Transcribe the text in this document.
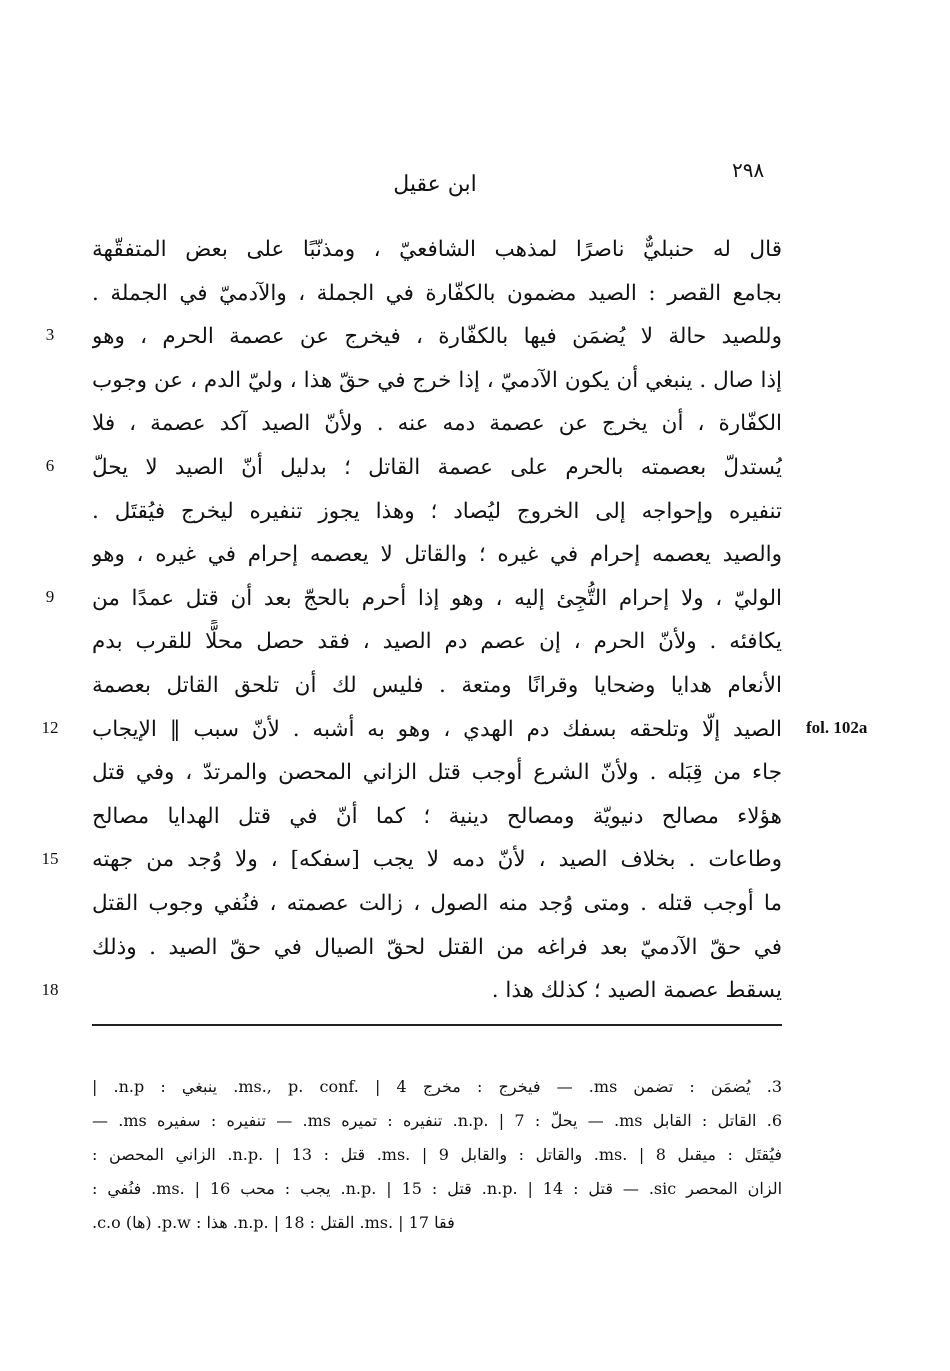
٢٩٨
ابن عقيل
قال له حنبليٌّ ناصرًا لمذهب الشافعيّ ، ومذنّبًا على بعض المتفقّهة
بجامع القصر : الصيد مضمون بالكفّارة في الجملة ، والآدميّ في الجملة .
وللصيد حالة لا يُضمَن فيها بالكفّارة ، فيخرج عن عصمة الحرم ، وهو
إذا صال . ينبغي أن يكون الآدميّ ، إذا خرج في حقّ هذا ، وليّ الدم ، عن وجوب
الكفّارة ، أن يخرج عن عصمة دمه عنه . ولأنّ الصيد آكد عصمة ، فلا
يُستدلّ بعصمته بالحرم على عصمة القاتل ؛ بدليل أنّ الصيد لا يحلّ
تنفيره وإحواجه إلى الخروج ليُصاد ؛ وهذا يجوز تنفيره ليخرج فيُقتَل .
والصيد يعصمه إحرام في غيره ؛ والقاتل لا يعصمه إحرام في غيره ، وهو
الوليّ ، ولا إحرام التُّجِئ إليه ، وهو إذا أحرم بالحجّ بعد أن قتل عمدًا من
يكافئه . ولأنّ الحرم ، إن عصم دم الصيد ، فقد حصل محلًّا للقرب بدم
الأنعام هدايا وضحايا وقرانًا ومتعة . فليس لك أن تلحق القاتل بعصمة
الصيد إلّا وتلحقه بسفك دم الهدي ، وهو به أشبه . لأنّ سبب ‖ الإيجاب
جاء من قِبَله . ولأنّ الشرع أوجب قتل الزاني المحصن والمرتدّ ، وفي قتل
هؤلاء مصالح دنيويّة ومصالح دينية ؛ كما أنّ في قتل الهدايا مصالح
وطاعات . بخلاف الصيد ، لأنّ دمه لا يجب [سفكه] ، ولا وُجد من جهته
ما أوجب قتله . ومتى وُجد منه الصول ، زالت عصمته ، فنُفي وجوب القتل
في حقّ الآدميّ بعد فراغه من القتل لحقّ الصيال في حقّ الصيد . وذلك
يسقط عصمة الصيد ؛ كذلك هذا .
3
6
9
12
15
18
fol. 102a
3. يُضمَن : تضمن ms. — فيخرج : مخرج ms., p. conf. | 4. ينبغي : n.p. |
6. القاتل : القابل ms. — يحلّ : n.p. | 7. تنفيره : تميره ms. — تنفيره : سفيره ms. —
فيُقتَل : ميقىل ms. | 8. والقاتل : والقابل ms. | 9. قتل : n.p. | 13. الزاني المحصن :
الزان المحصر sic. — قتل : n.p. | 14. قتل : n.p. | 15. يجب : محب ms. | 16. فنُفي :
فقا ms. | 17. القتل : n.p. | 18. هذا : p.w. (ها) c.o.
